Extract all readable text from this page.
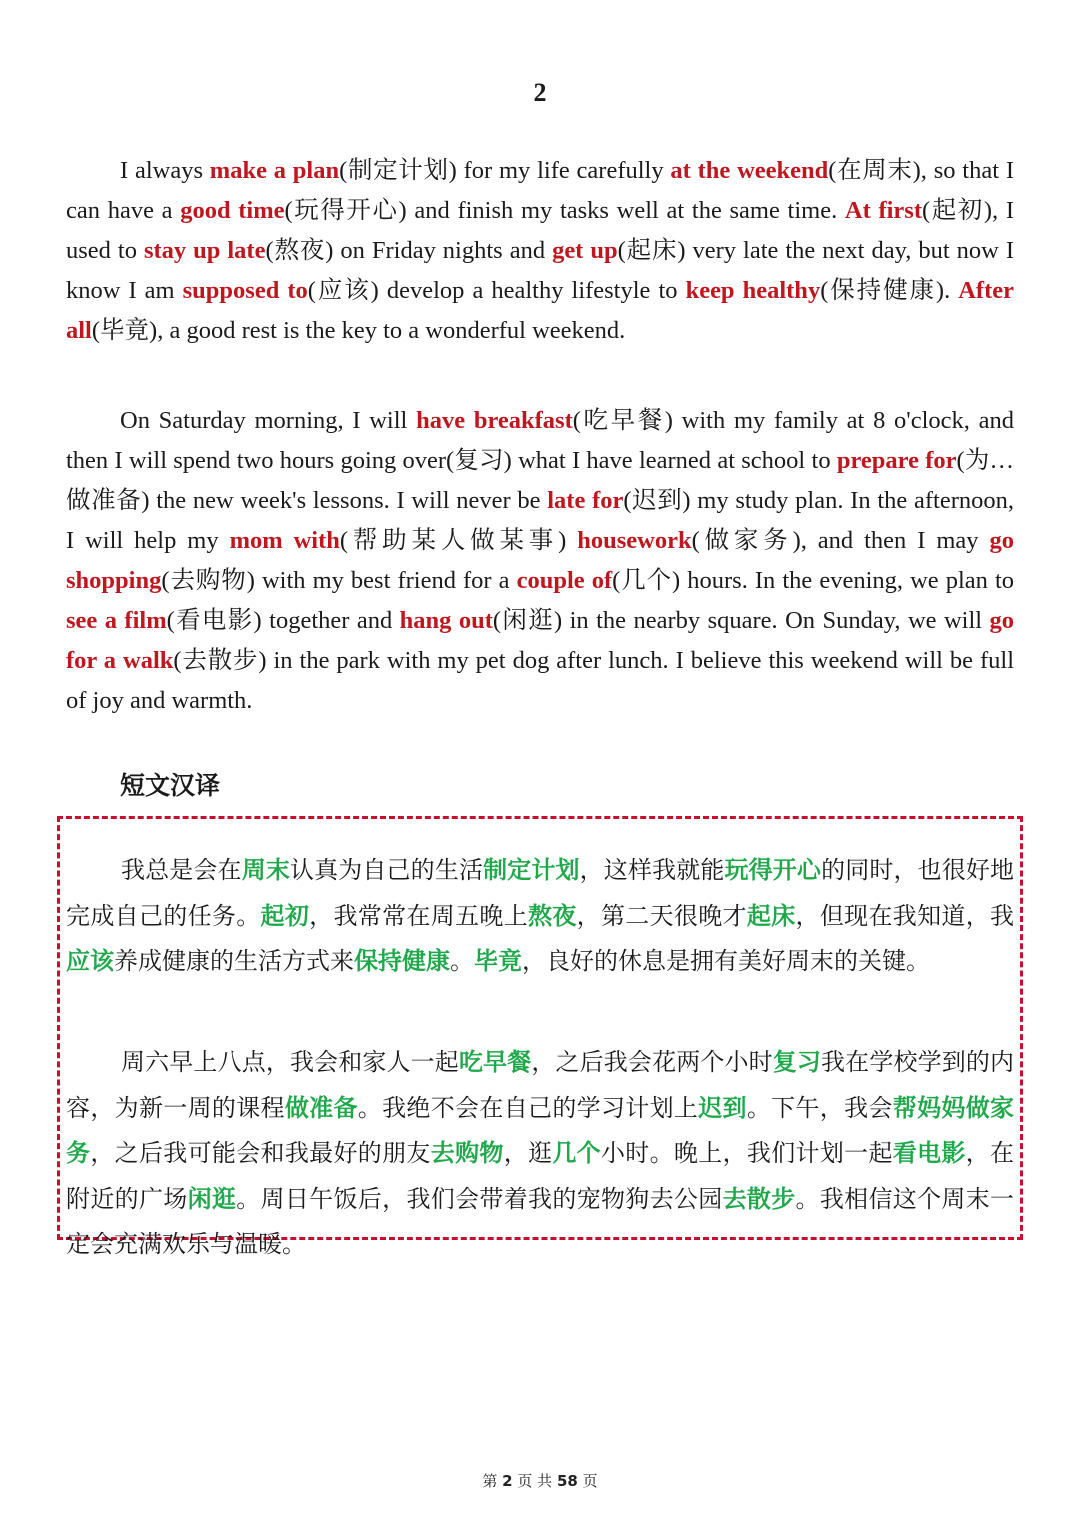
2

I always make a plan(制定计划) for my life carefully at the weekend(在周末), so that I can have a good time(玩得开心) and finish my tasks well at the same time. At first(起初), I used to stay up late(熬夜) on Friday nights and get up(起床) very late the next day, but now I know I am supposed to(应该) develop a healthy lifestyle to keep healthy(保持健康). After all(毕竟), a good rest is the key to a wonderful weekend.

On Saturday morning, I will have breakfast(吃早餐) with my family at 8 o'clock, and then I will spend two hours going over(复习) what I have learned at school to prepare for(为…做准备) the new week's lessons. I will never be late for(迟到) my study plan. In the afternoon, I will help my mom with(帮助某人做某事) housework(做家务), and then I may go shopping(去购物) with my best friend for a couple of(几个) hours. In the evening, we plan to see a film(看电影) together and hang out(闲逛) in the nearby square. On Sunday, we will go for a walk(去散步) in the park with my pet dog after lunch. I believe this weekend will be full of joy and warmth.

短文汉译

我总是会在周末认真为自己的生活制定计划，这样我就能玩得开心的同时，也很好地完成自己的任务。起初，我常常在周五晚上熬夜，第二天很晚才起床，但现在我知道，我应该养成健康的生活方式来保持健康。毕竟，良好的休息是拥有美好周末的关键。

周六早上八点，我会和家人一起吃早餐，之后我会花两个小时复习我在学校学到的内容，为新一周的课程做准备。我绝不会在自己的学习计划上迟到。下午，我会帮妈妈做家务，之后我可能会和我最好的朋友去购物，逛几个小时。晚上，我们计划一起看电影，在附近的广场闲逛。周日午饭后，我们会带着我的宠物狗去公园去散步。我相信这个周末一定会充满欢乐与温暖。

第 2 页 共 58 页
